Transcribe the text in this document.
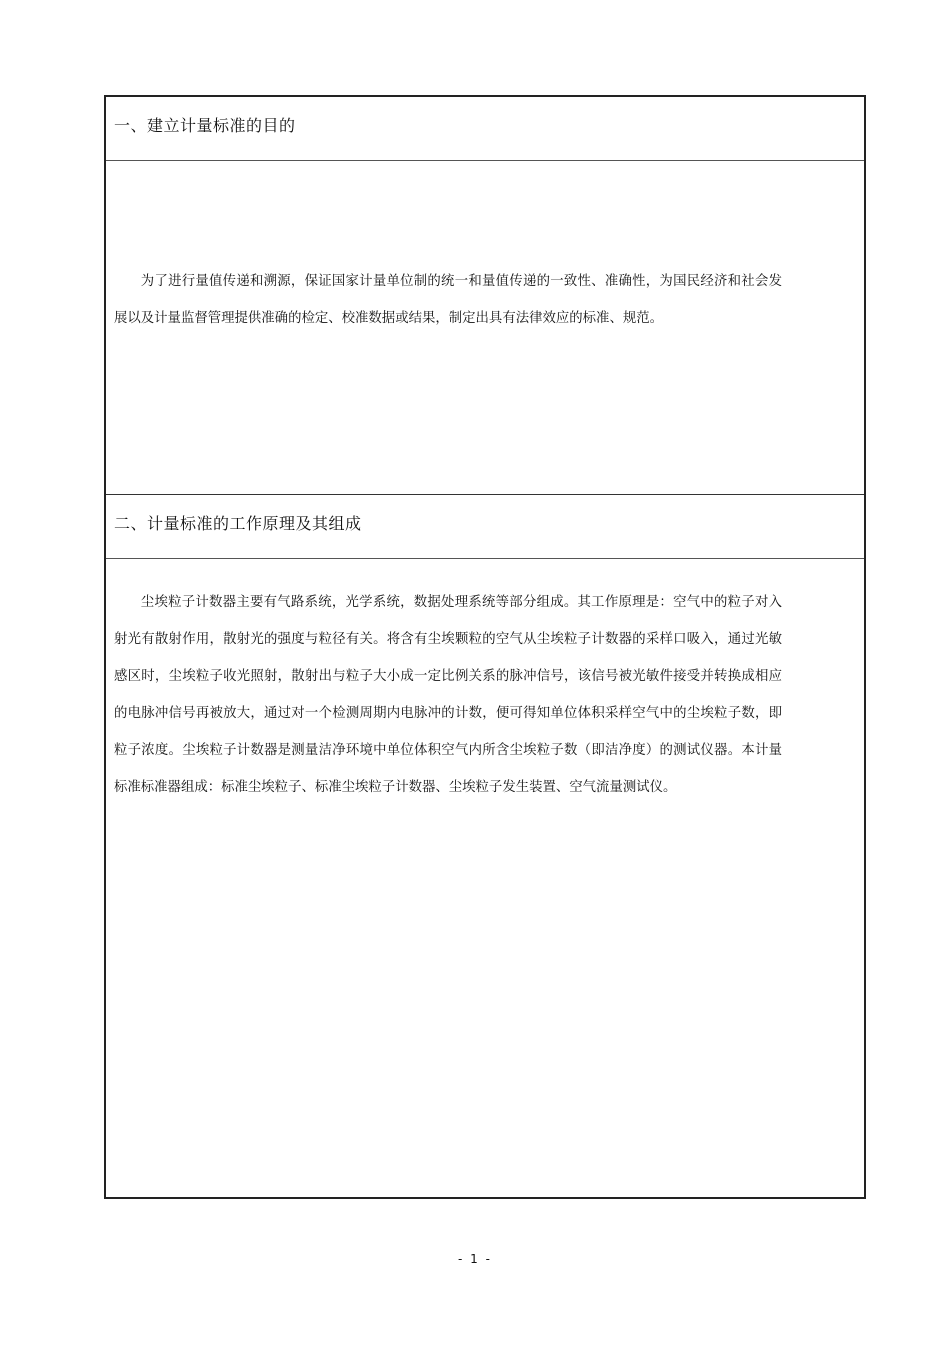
一、建立计量标准的目的

为了进行量值传递和溯源，保证国家计量单位制的统一和量值传递的一致性、准确性，为国民经济和社会发展以及计量监督管理提供准确的检定、校准数据或结果，制定出具有法律效应的标准、规范。

二、计量标准的工作原理及其组成

尘埃粒子计数器主要有气路系统，光学系统，数据处理系统等部分组成。其工作原理是：空气中的粒子对入射光有散射作用，散射光的强度与粒径有关。将含有尘埃颗粒的空气从尘埃粒子计数器的采样口吸入，通过光敏感区时，尘埃粒子收光照射，散射出与粒子大小成一定比例关系的脉冲信号，该信号被光敏件接受并转换成相应的电脉冲信号再被放大，通过对一个检测周期内电脉冲的计数，便可得知单位体积采样空气中的尘埃粒子数，即粒子浓度。尘埃粒子计数器是测量洁净环境中单位体积空气内所含尘埃粒子数（即洁净度）的测试仪器。本计量标准标准器组成：标准尘埃粒子、标准尘埃粒子计数器、尘埃粒子发生装置、空气流量测试仪。

- 1 -
